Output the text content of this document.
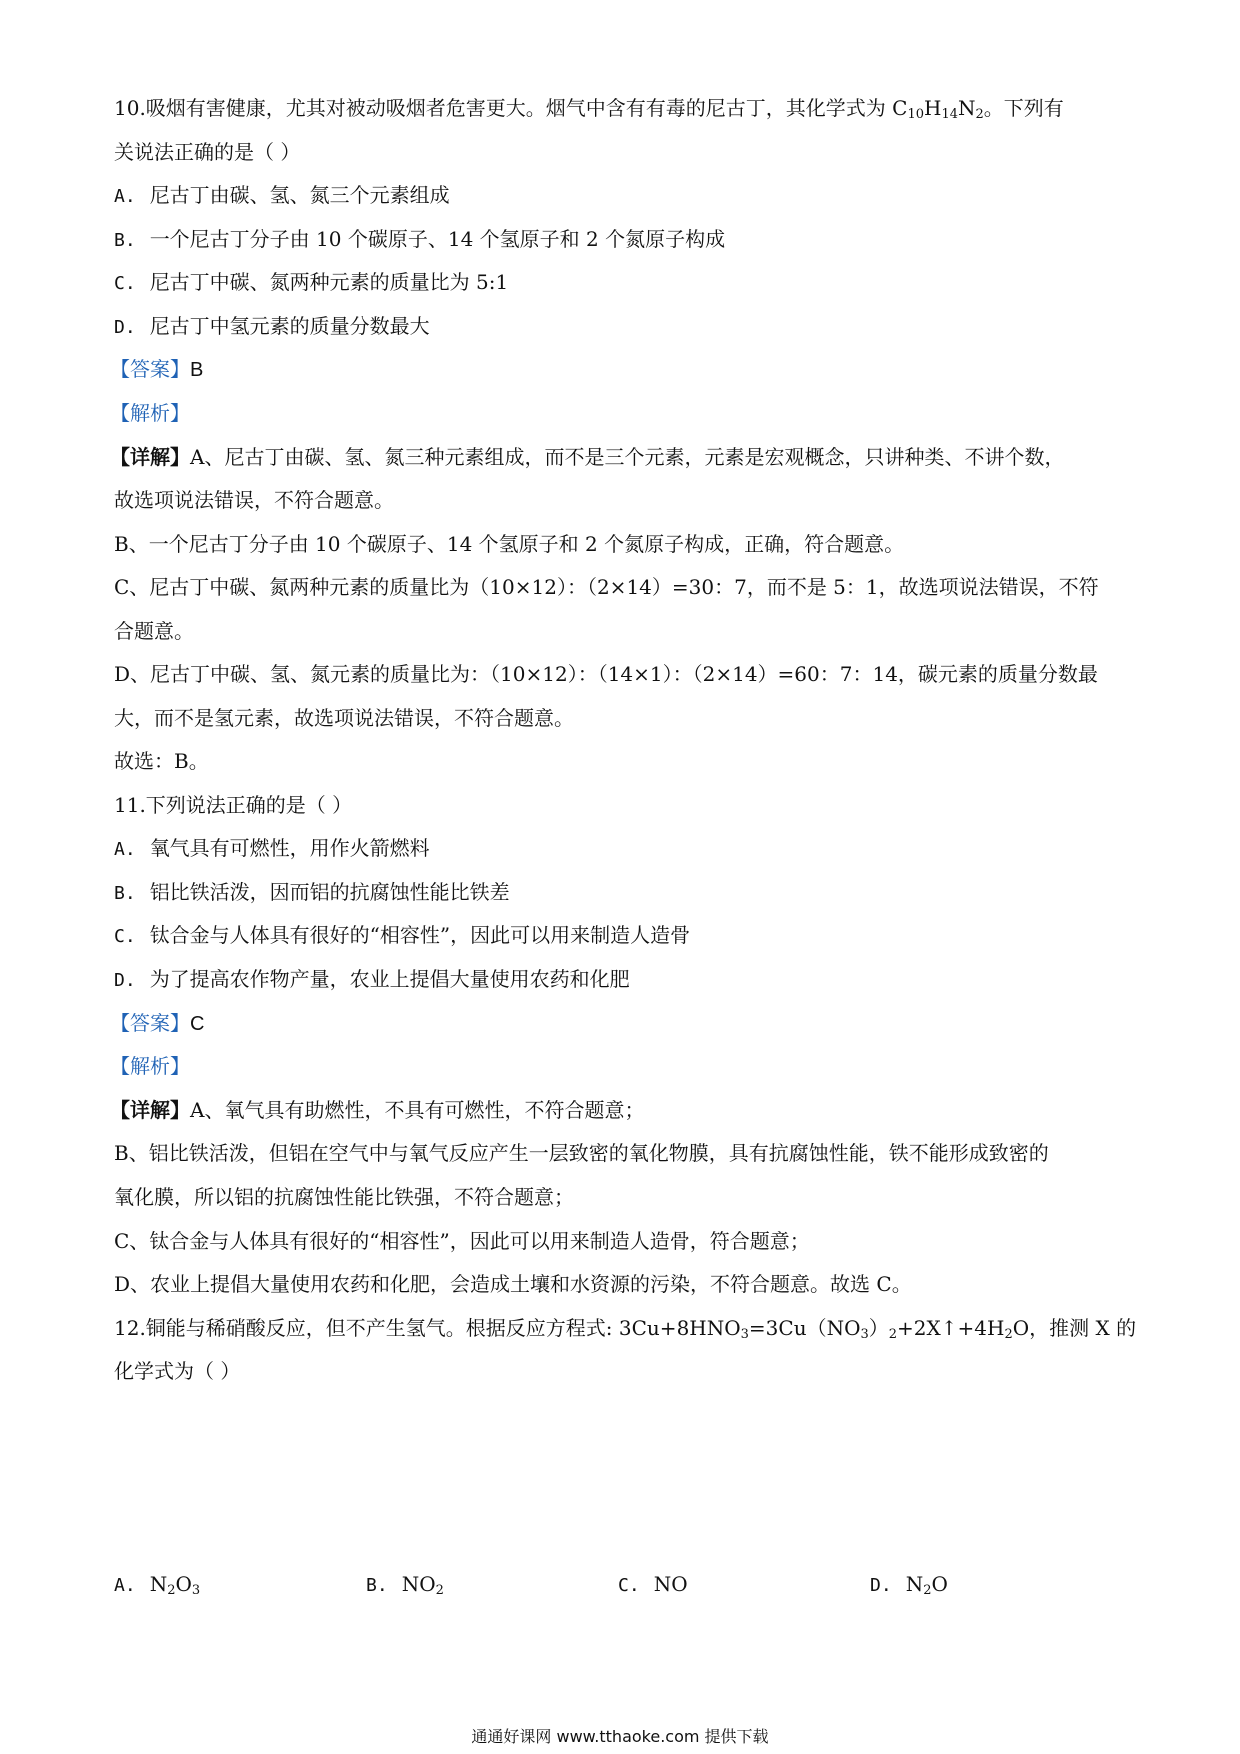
10.吸烟有害健康，尤其对被动吸烟者危害更大。烟气中含有有毒的尼古丁，其化学式为 $C_{10}H_{14}N_2$。下列有
关说法正确的是（ ）
A. 尼古丁由碳、氢、氮三个元素组成
B. 一个尼古丁分子由 10 个碳原子、14 个氢原子和 2 个氮原子构成
C. 尼古丁中碳、氮两种元素的质量比为 5:1
D. 尼古丁中氢元素的质量分数最大
【答案】B
【解析】
【详解】A、尼古丁由碳、氢、氮三种元素组成，而不是三个元素，元素是宏观概念，只讲种类、不讲个数，
故选项说法错误，不符合题意。
B、一个尼古丁分子由 10 个碳原子、14 个氢原子和 2 个氮原子构成，正确，符合题意。
C、尼古丁中碳、氮两种元素的质量比为（10×12）：（2×14）=30：7，而不是 5：1，故选项说法错误，不符
合题意。
D、尼古丁中碳、氢、氮元素的质量比为：（10×12）：（14×1）：（2×14）=60：7：14，碳元素的质量分数最
大，而不是氢元素，故选项说法错误，不符合题意。
故选：B。
11.下列说法正确的是（ ）
A. 氧气具有可燃性，用作火箭燃料
B. 铝比铁活泼，因而铝的抗腐蚀性能比铁差
C. 钛合金与人体具有很好的“相容性”，因此可以用来制造人造骨
D. 为了提高农作物产量，农业上提倡大量使用农药和化肥
【答案】C
【解析】
【详解】A、氧气具有助燃性，不具有可燃性，不符合题意；
B、铝比铁活泼，但铝在空气中与氧气反应产生一层致密的氧化物膜，具有抗腐蚀性能，铁不能形成致密的
氧化膜，所以铝的抗腐蚀性能比铁强，不符合题意；
C、钛合金与人体具有很好的“相容性”，因此可以用来制造人造骨，符合题意；
D、农业上提倡大量使用农药和化肥，会造成土壤和水资源的污染，不符合题意。故选 C。
12.铜能与稀硝酸反应，但不产生氢气。根据反应方程式: $3Cu+8HNO_3=3Cu(NO_3)_2+2X↑+4H_2O$，推测 X 的
化学式为（ ）
A. $N_2O_3$	B. $NO_2$	C. NO	D. $N_2O$
通通好课网 www.tthaoke.com 提供下载
